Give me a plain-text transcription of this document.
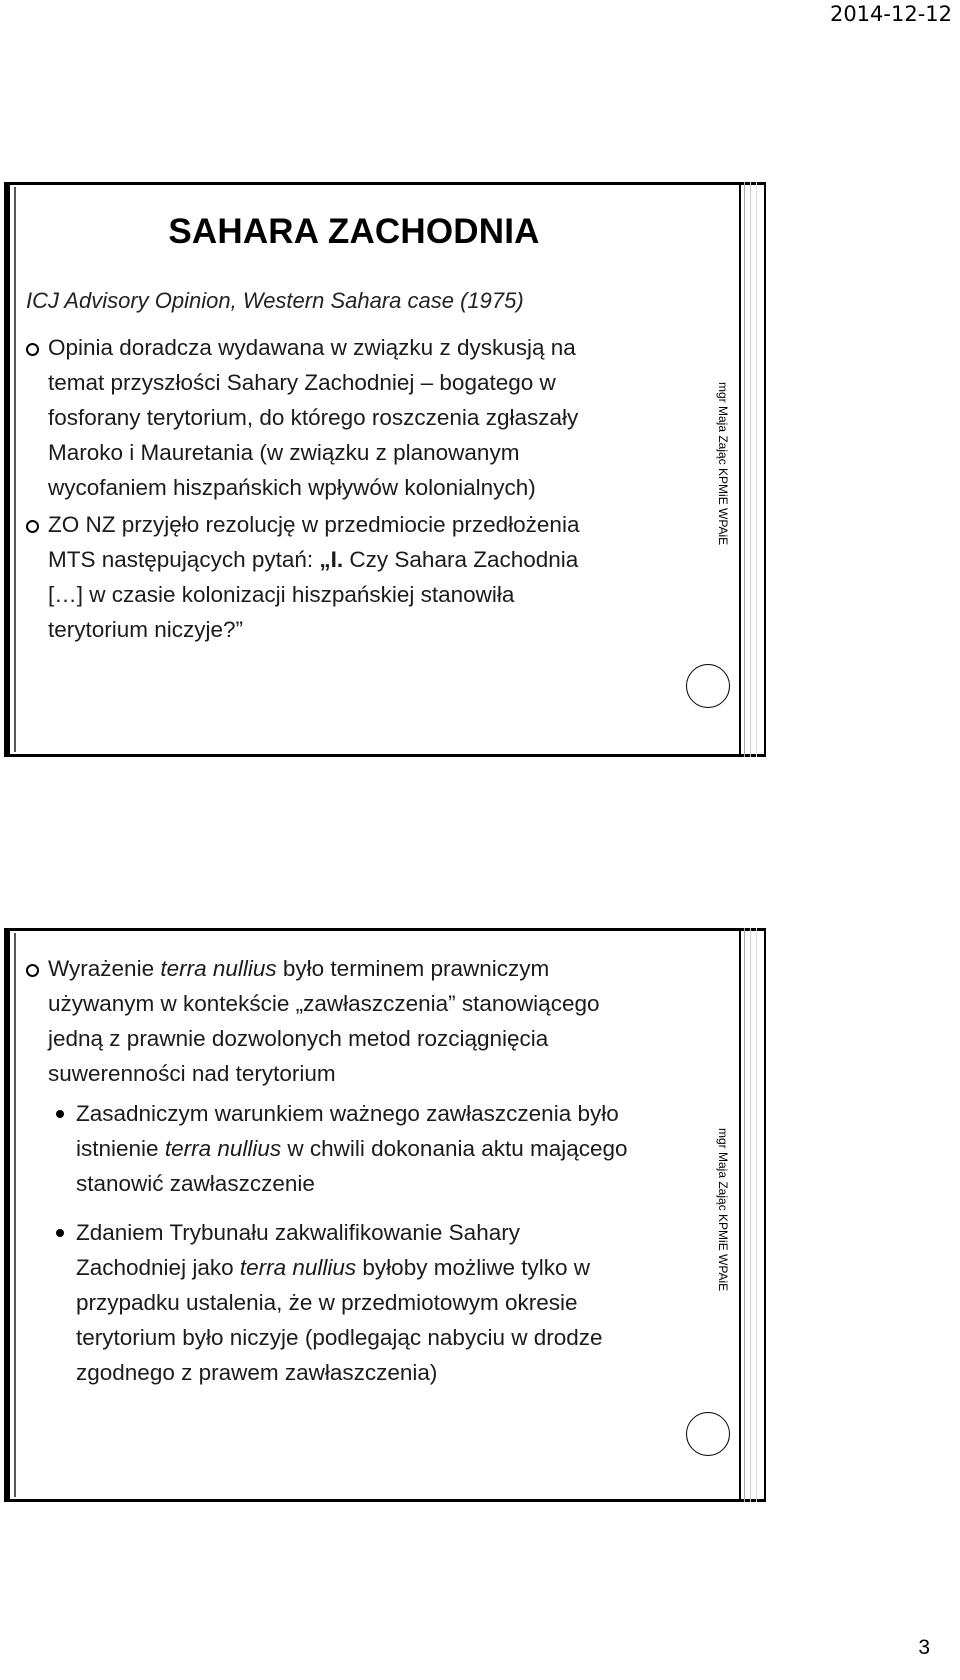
2014-12-12
mgr Maja Zając KPMiE WPAiE
SAHARA ZACHODNIA
ICJ Advisory Opinion, Western Sahara case (1975)
Opinia doradcza wydawana w związku z dyskusją na
temat przyszłości Sahary Zachodniej – bogatego w
fosforany terytorium, do którego roszczenia zgłaszały
Maroko i Mauretania (w związku z planowanym
wycofaniem hiszpańskich wpływów kolonialnych)
ZO NZ przyjęło rezolucję w przedmiocie przedłożenia
MTS następujących pytań: „I. Czy Sahara Zachodnia
[…] w czasie kolonizacji hiszpańskiej stanowiła
terytorium niczyje?”
mgr Maja Zając KPMiE WPAiE
Wyrażenie terra nullius było terminem prawniczym
używanym w kontekście „zawłaszczenia” stanowiącego
jedną z prawnie dozwolonych metod rozciągnięcia
suwerenności nad terytorium
Zasadniczym warunkiem ważnego zawłaszczenia było
istnienie terra nullius w chwili dokonania aktu mającego
stanowić zawłaszczenie
Zdaniem Trybunału zakwalifikowanie Sahary
Zachodniej jako terra nullius byłoby możliwe tylko w
przypadku ustalenia, że w przedmiotowym okresie
terytorium było niczyje (podlegając nabyciu w drodze
zgodnego z prawem zawłaszczenia)
3
